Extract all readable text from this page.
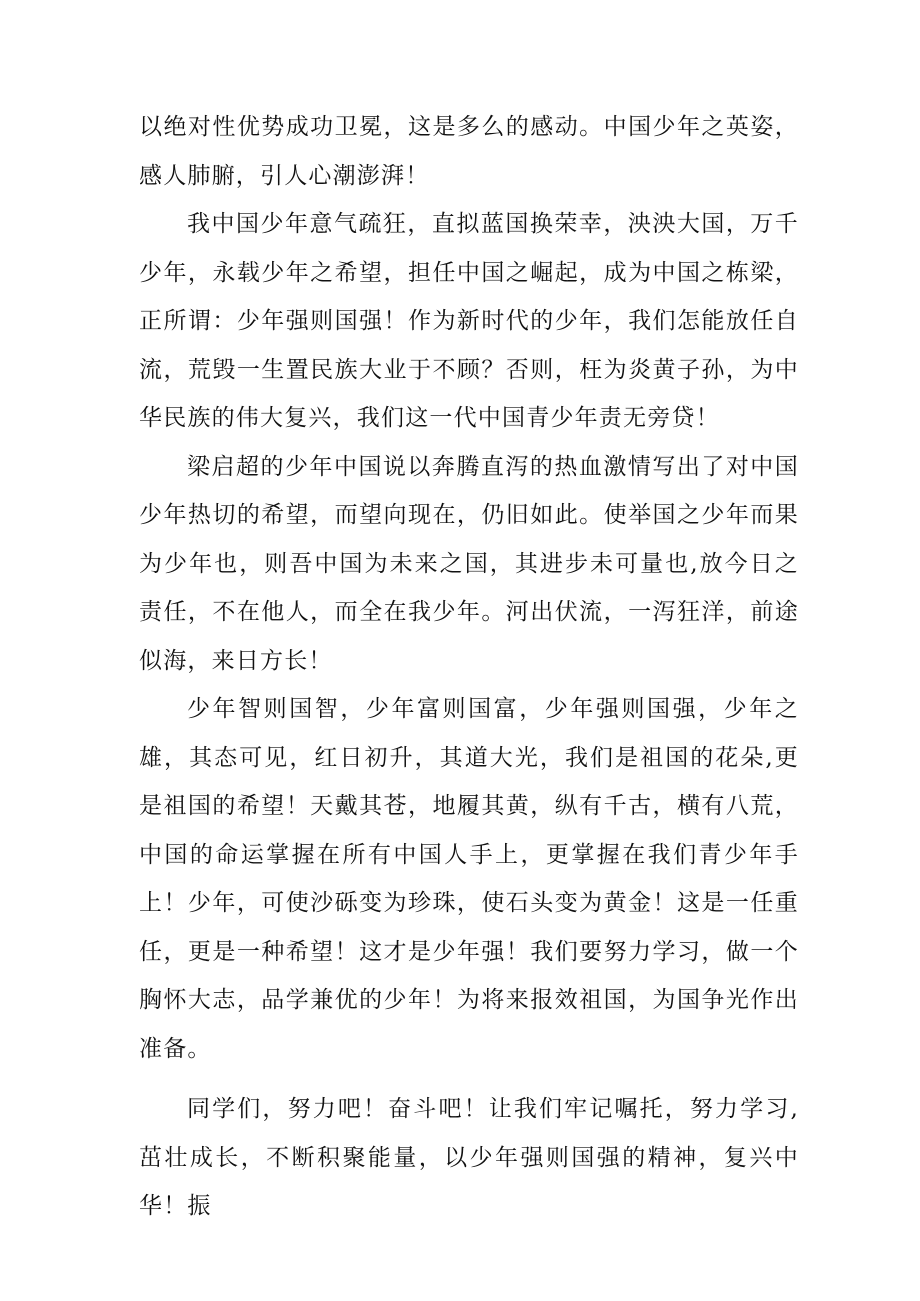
以绝对性优势成功卫冕，这是多么的感动。中国少年之英姿，感人肺腑，引人心潮澎湃！

我中国少年意气疏狂，直拟蓝国换荣幸，泱泱大国，万千少年，永载少年之希望，担任中国之崛起，成为中国之栋梁，正所谓：少年强则国强！作为新时代的少年，我们怎能放任自流，荒毁一生置民族大业于不顾？否则，枉为炎黄子孙，为中华民族的伟大复兴，我们这一代中国青少年责无旁贷！

梁启超的少年中国说以奔腾直泻的热血激情写出了对中国少年热切的希望，而望向现在，仍旧如此。使举国之少年而果为少年也，则吾中国为未来之国，其进步未可量也,放今日之责任，不在他人，而全在我少年。河出伏流，一泻狂洋，前途似海，来日方长！

少年智则国智，少年富则国富，少年强则国强，少年之雄，其态可见，红日初升，其道大光，我们是祖国的花朵,更是祖国的希望！天戴其苍，地履其黄，纵有千古，横有八荒，中国的命运掌握在所有中国人手上，更掌握在我们青少年手上！少年，可使沙砾变为珍珠，使石头变为黄金！这是一任重任，更是一种希望！这才是少年强！我们要努力学习，做一个胸怀大志，品学兼优的少年！为将来报效祖国，为国争光作出准备。

同学们，努力吧！奋斗吧！让我们牢记嘱托，努力学习,茁壮成长，不断积聚能量，以少年强则国强的精神，复兴中华！振
